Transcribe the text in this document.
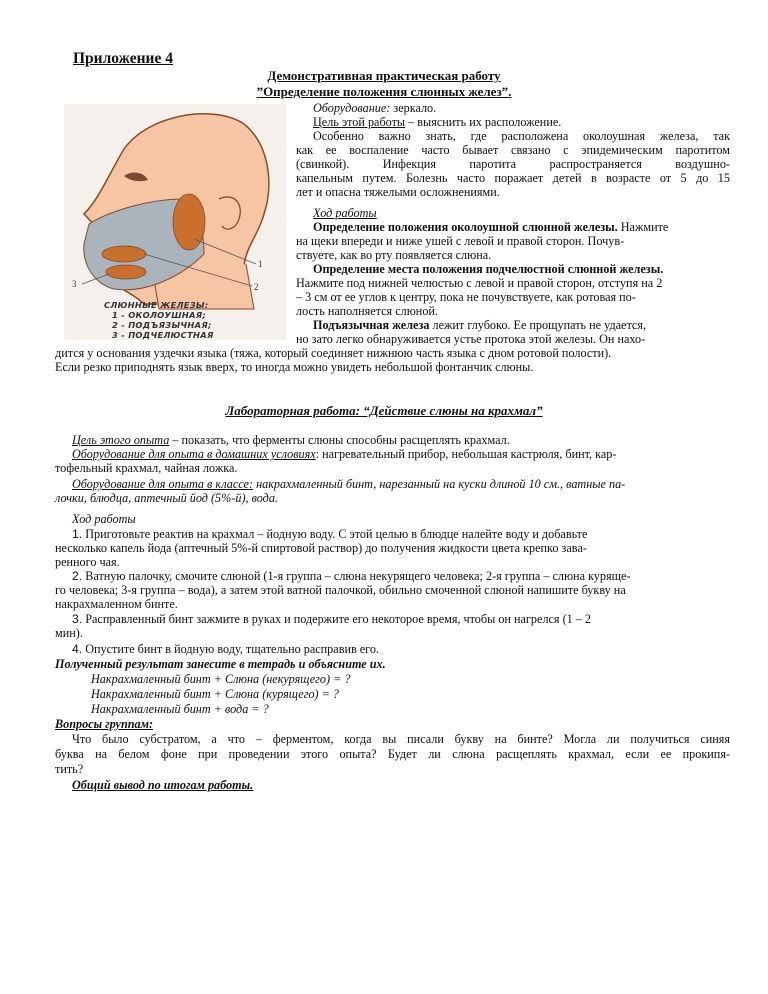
Приложение 4
Демонстративная практическая работу
”Определение положения слюнных желез”.
1
2
3
СЛЮННЫЕ ЖЕЛЕЗЫ:
1 - ОКОЛОУШНАЯ;
2 - ПОДЪЯЗЫЧНАЯ;
3 - ПОДЧЕЛЮСТНАЯ
Оборудование: зеркало.
Цель этой работы – выяснить их расположение.
Особенно важно знать, где расположена околоушная железа, так
как ее воспаление часто бывает связано с эпидемическим паротитом
(свинкой). Инфекция паротита распространяется воздушно-
капельным путем. Болезнь часто поражает детей в возрасте от 5 до 15
лет и опасна тяжелыми осложнениями.
Ход работы
Определение положения околоушной слюнной железы. Нажмите
на щеки впереди и ниже ушей с левой и правой сторон. Почув-
ствуете, как во рту появляется слюна.
Определение места положения подчелюстной слюнной железы.
Нажмите под нижней челюстью с левой и правой сторон, отступя на 2
– 3 см от ее углов к центру, пока не почувствуете, как ротовая по-
лость наполняется слюной.
Подъязычная железа лежит глубоко. Ее прощупать не удается,
но зато легко обнаруживается устье протока этой железы. Он нахо-
дится у основания уздечки языка (тяжа, который соединяет нижнюю часть языка с дном ротовой полости).
Если резко приподнять язык вверх, то иногда можно увидеть небольшой фонтанчик слюны.
Лабораторная работа: “Действие слюны на крахмал”
Цель этого опыта – показать, что ферменты слюны способны расщеплять крахмал.
Оборудование для опыта в домашних условиях: нагревательный прибор, небольшая кастрюля, бинт, кар-
тофельный крахмал, чайная ложка.
Оборудование для опыта в классе: накрахмаленный бинт, нарезанный на куски длиной 10 см., ватные па-
лочки, блюдца, аптечный йод (5%-й), вода.
Ход работы
1. Приготовьте реактив на крахмал – йодную воду. С этой целью в блюдце налейте воду и добавьте
несколько капель йода (аптечный 5%-й спиртовой раствор) до получения жидкости цвета крепко зава-
ренного чая.
2. Ватную палочку, смочите слюной (1-я группа – слюна некурящего человека; 2-я группа – слюна куряще-
го человека; 3-я группа – вода), а затем этой ватной палочкой, обильно смоченной слюной напишите букву на
накрахмаленном бинте.
3. Расправленный бинт зажмите в руках и подержите его некоторое время, чтобы он нагрелся (1 – 2
мин).
4. Опустите бинт в йодную воду, тщательно расправив его.
Полученный результат занесите в тетрадь и объясните их.
Накрахмаленный бинт + Слюна (некурящего) = ?
Накрахмаленный бинт + Слюна (курящего) = ?
Накрахмаленный бинт + вода = ?
Вопросы группам:
Что было субстратом, а что – ферментом, когда вы писали букву на бинте? Могла ли получиться синяя
буква на белом фоне при проведении этого опыта? Будет ли слюна расщеплять крахмал, если ее прокипя-
тить?
Общий вывод по итогам работы.
